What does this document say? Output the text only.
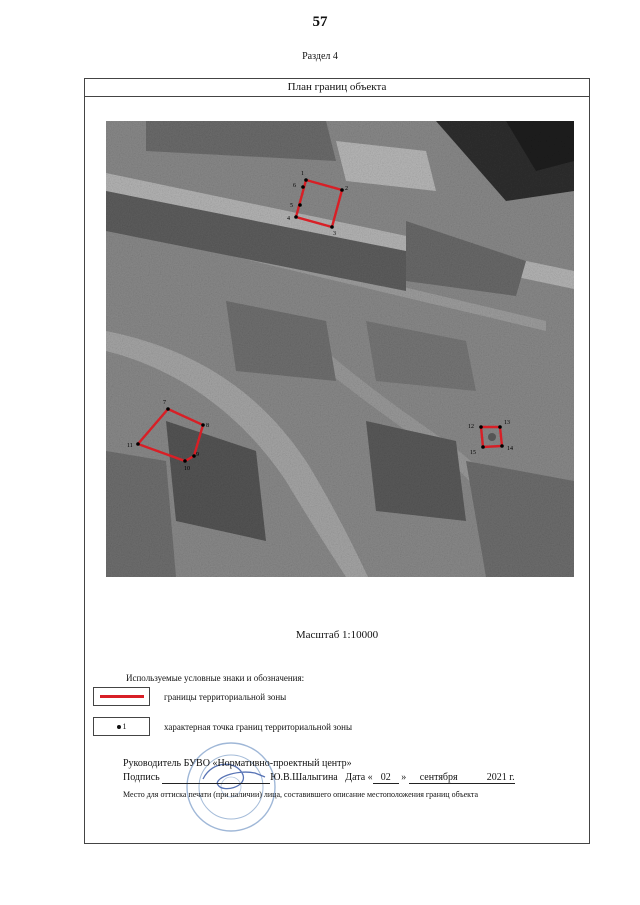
57
Раздел 4
План границ объекта
1
2
3
4
5
6
7
8
9
10
11
12
13
14
15
Масштаб 1:10000
Используемые условные знаки и обозначения:
границы территориальной зоны
1	характерная точка границ территориальной зоны
Руководитель БУВО «Нормативно-проектный центр»
Подпись	Ю.В.Шалыгина Дата « 02 » сентября	2021 г.
Место для оттиска печати (при наличии) лица, составившего описание местоположения границ объекта
